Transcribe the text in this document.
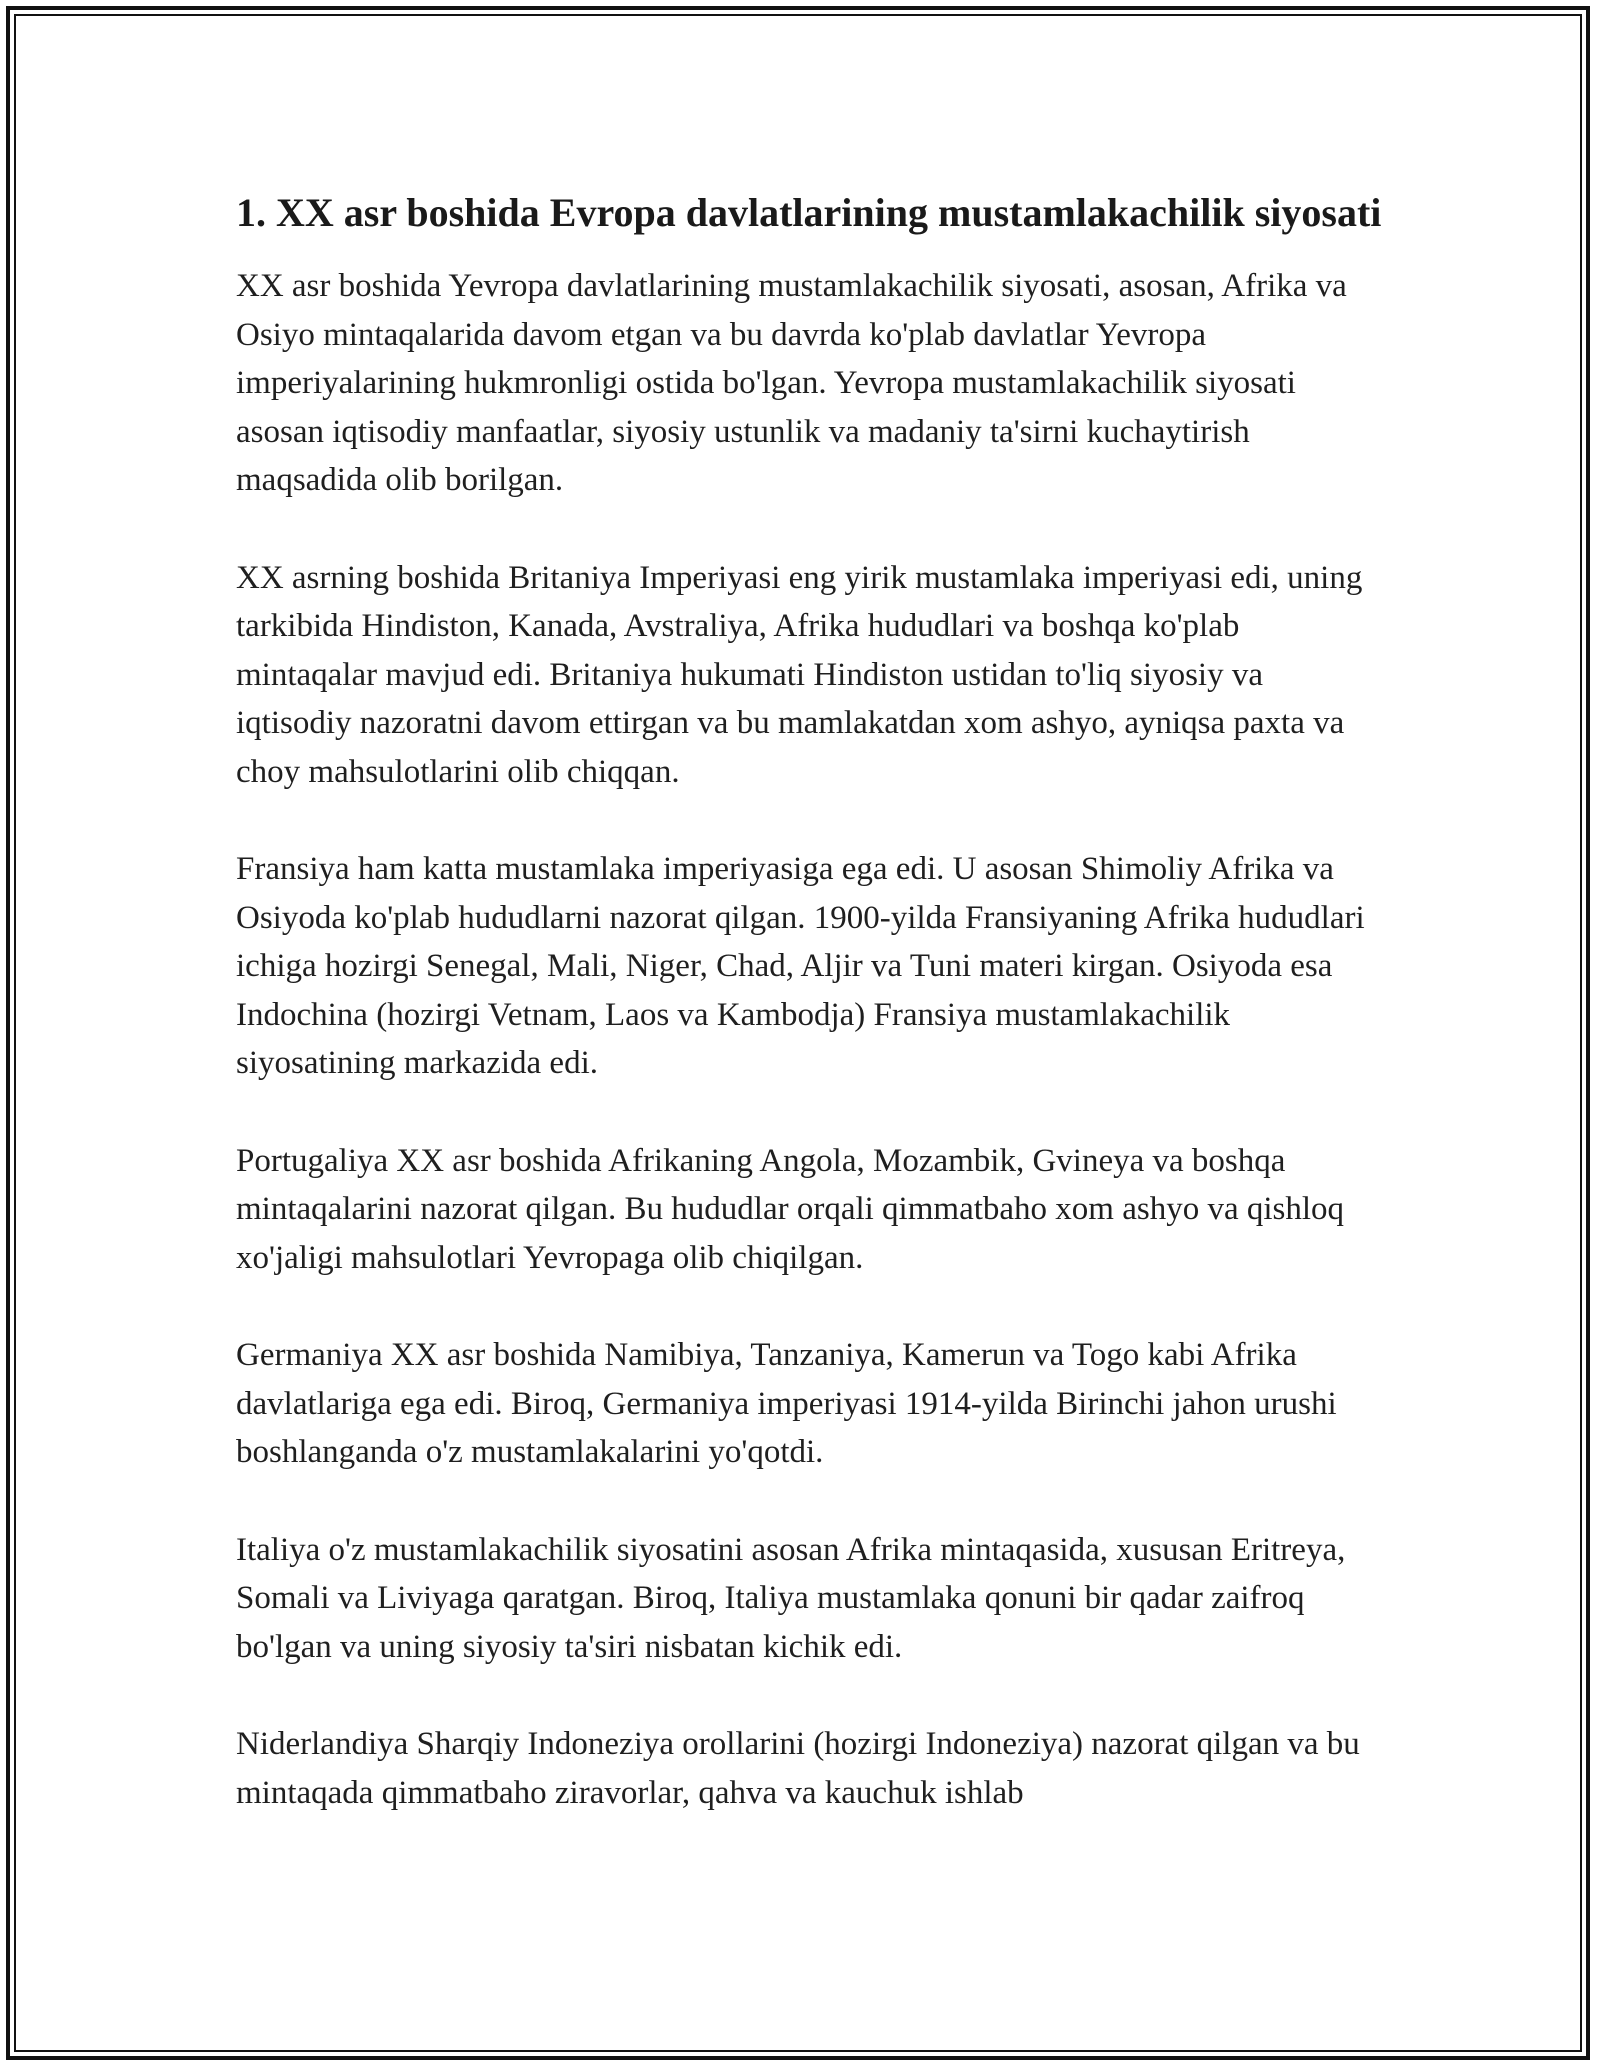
1. XX asr boshida Evropa davlatlarining mustamlakachilik siyosati

XX asr boshida Yevropa davlatlarining mustamlakachilik siyosati, asosan, Afrika va Osiyo mintaqalarida davom etgan va bu davrda ko'plab davlatlar Yevropa imperiyalarining hukmronligi ostida bo'lgan. Yevropa mustamlakachilik siyosati asosan iqtisodiy manfaatlar, siyosiy ustunlik va madaniy ta'sirni kuchaytirish maqsadida olib borilgan.

XX asrning boshida Britaniya Imperiyasi eng yirik mustamlaka imperiyasi edi, uning tarkibida Hindiston, Kanada, Avstraliya, Afrika hududlari va boshqa ko'plab mintaqalar mavjud edi. Britaniya hukumati Hindiston ustidan to'liq siyosiy va iqtisodiy nazoratni davom ettirgan va bu mamlakatdan xom ashyo, ayniqsa paxta va choy mahsulotlarini olib chiqqan.

Fransiya ham katta mustamlaka imperiyasiga ega edi. U asosan Shimoliy Afrika va Osiyoda ko'plab hududlarni nazorat qilgan. 1900-yilda Fransiyaning Afrika hududlari ichiga hozirgi Senegal, Mali, Niger, Chad, Aljir va Tuni materi kirgan. Osiyoda esa Indochina (hozirgi Vetnam, Laos va Kambodja) Fransiya mustamlakachilik siyosatining markazida edi.

Portugaliya XX asr boshida Afrikaning Angola, Mozambik, Gvineya va boshqa mintaqalarini nazorat qilgan. Bu hududlar orqali qimmatbaho xom ashyo va qishloq xo'jaligi mahsulotlari Yevropaga olib chiqilgan.

Germaniya XX asr boshida Namibiya, Tanzaniya, Kamerun va Togo kabi Afrika davlatlariga ega edi. Biroq, Germaniya imperiyasi 1914-yilda Birinchi jahon urushi boshlanganda o'z mustamlakalarini yo'qotdi.

Italiya o'z mustamlakachilik siyosatini asosan Afrika mintaqasida, xususan Eritreya, Somali va Liviyaga qaratgan. Biroq, Italiya mustamlaka qonuni bir qadar zaifroq bo'lgan va uning siyosiy ta'siri nisbatan kichik edi.

Niderlandiya Sharqiy Indoneziya orollarini (hozirgi Indoneziya) nazorat qilgan va bu mintaqada qimmatbaho ziravorlar, qahva va kauchuk ishlab
